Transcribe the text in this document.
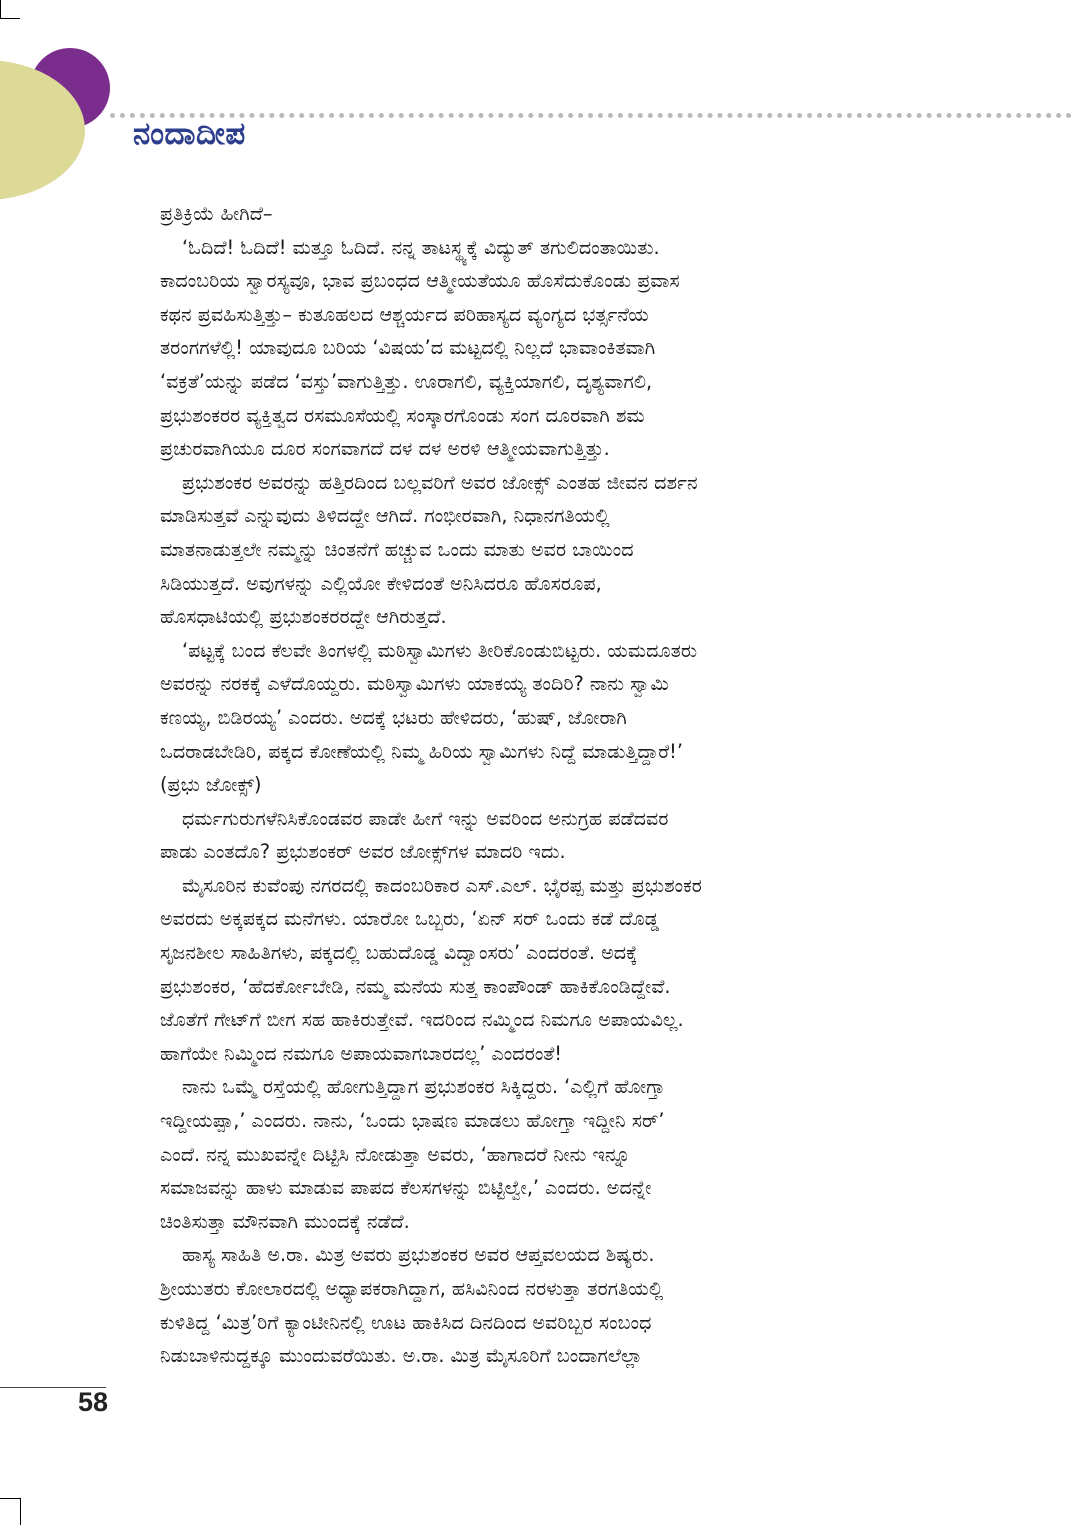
ನಂದಾದೀಪ
ಪ್ರತಿಕ್ರಿಯೆ ಹೀಗಿದೆ–
‘ಓದಿದೆ! ಓದಿದೆ! ಮತ್ತೂ ಓದಿದೆ. ನನ್ನ ತಾಟಸ್ಥ್ಯಕ್ಕೆ ವಿದ್ಯುತ್ ತಗುಲಿದಂತಾಯಿತು.
ಕಾದಂಬರಿಯ ಸ್ವಾರಸ್ಯವೂ, ಭಾವ ಪ್ರಬಂಧದ ಆತ್ಮೀಯತೆಯೂ ಹೊಸೆದುಕೊಂಡು ಪ್ರವಾಸ
ಕಥನ ಪ್ರವಹಿಸುತ್ತಿತ್ತು– ಕುತೂಹಲದ ಆಶ್ಚರ್ಯದ ಪರಿಹಾಸ್ಯದ ವ್ಯಂಗ್ಯದ ಭರ್ತ್ಸನೆಯ
ತರಂಗಗಳೆಲ್ಲಿ! ಯಾವುದೂ ಬರಿಯ ‘ವಿಷಯ’ದ ಮಟ್ಟದಲ್ಲಿ ನಿಲ್ಲದೆ ಭಾವಾಂಕಿತವಾಗಿ
‘ವಕ್ರತೆ’ಯನ್ನು ಪಡೆದ ‘ವಸ್ತು’ವಾಗುತ್ತಿತ್ತು. ಊರಾಗಲಿ, ವ್ಯಕ್ತಿಯಾಗಲಿ, ದೃಶ್ಯವಾಗಲಿ,
ಪ್ರಭುಶಂಕರರ ವ್ಯಕ್ತಿತ್ವದ ರಸಮೂಸೆಯಲ್ಲಿ ಸಂಸ್ಕಾರಗೊಂಡು ಸಂಗ ದೂರವಾಗಿ ಶಮ
ಪ್ರಚುರವಾಗಿಯೂ ದೂರ ಸಂಗವಾಗದೆ ದಳ ದಳ ಅರಳಿ ಆತ್ಮೀಯವಾಗುತ್ತಿತ್ತು.
ಪ್ರಭುಶಂಕರ ಅವರನ್ನು ಹತ್ತಿರದಿಂದ ಬಲ್ಲವರಿಗೆ ಅವರ ಜೋಕ್ಸ್ ಎಂತಹ ಜೀವನ ದರ್ಶನ
ಮಾಡಿಸುತ್ತವೆ ಎನ್ನುವುದು ತಿಳಿದದ್ದೇ ಆಗಿದೆ. ಗಂಭೀರವಾಗಿ, ನಿಧಾನಗತಿಯಲ್ಲಿ
ಮಾತನಾಡುತ್ತಲೇ ನಮ್ಮನ್ನು ಚಿಂತನೆಗೆ ಹಚ್ಚುವ ಒಂದು ಮಾತು ಅವರ ಬಾಯಿಂದ
ಸಿಡಿಯುತ್ತದೆ. ಅವುಗಳನ್ನು ಎಲ್ಲಿಯೋ ಕೇಳಿದಂತೆ ಅನಿಸಿದರೂ ಹೊಸರೂಪ,
ಹೊಸಧಾಟಿಯಲ್ಲಿ ಪ್ರಭುಶಂಕರರದ್ದೇ ಆಗಿರುತ್ತದೆ.
‘ಪಟ್ಟಕ್ಕೆ ಬಂದ ಕೆಲವೇ ತಿಂಗಳಲ್ಲಿ ಮಠಿಸ್ವಾಮಿಗಳು ತೀರಿಕೊಂಡುಬಿಟ್ಟರು. ಯಮದೂತರು
ಅವರನ್ನು ನರಕಕ್ಕೆ ಎಳೆದೊಯ್ದರು. ಮಠಿಸ್ವಾಮಿಗಳು ಯಾಕಯ್ಯ ತಂದಿರಿ? ನಾನು ಸ್ವಾಮಿ
ಕಣಯ್ಯ, ಬಿಡಿರಯ್ಯ’ ಎಂದರು. ಅದಕ್ಕೆ ಭಟರು ಹೇಳಿದರು, ‘ಹುಷ್, ಜೋರಾಗಿ
ಒದರಾಡಬೇಡಿರಿ, ಪಕ್ಕದ ಕೋಣೆಯಲ್ಲಿ ನಿಮ್ಮ ಹಿರಿಯ ಸ್ವಾಮಿಗಳು ನಿದ್ದೆ ಮಾಡುತ್ತಿದ್ದಾರೆ!’
(ಪ್ರಭು ಜೋಕ್ಸ್)
ಧರ್ಮಗುರುಗಳೆನಿಸಿಕೊಂಡವರ ಪಾಡೇ ಹೀಗೆ ಇನ್ನು ಅವರಿಂದ ಅನುಗ್ರಹ ಪಡೆದವರ
ಪಾಡು ಎಂತದೊ? ಪ್ರಭುಶಂಕರ್ ಅವರ ಜೋಕ್ಸ್‌ಗಳ ಮಾದರಿ ಇದು.
ಮೈಸೂರಿನ ಕುವೆಂಪು ನಗರದಲ್ಲಿ ಕಾದಂಬರಿಕಾರ ಎಸ್.ಎಲ್. ಭೈರಪ್ಪ ಮತ್ತು ಪ್ರಭುಶಂಕರ
ಅವರದು ಅಕ್ಕಪಕ್ಕದ ಮನೆಗಳು. ಯಾರೋ ಒಬ್ಬರು, ‘ಏನ್ ಸರ್ ಒಂದು ಕಡೆ ದೊಡ್ಡ
ಸೃಜನಶೀಲ ಸಾಹಿತಿಗಳು, ಪಕ್ಕದಲ್ಲಿ ಬಹುದೊಡ್ಡ ವಿದ್ವಾಂಸರು’ ಎಂದರಂತೆ. ಅದಕ್ಕೆ
ಪ್ರಭುಶಂಕರ, ‘ಹೆದರ್ಕೋಬೇಡಿ, ನಮ್ಮ ಮನೆಯ ಸುತ್ತ ಕಾಂಪೌಂಡ್ ಹಾಕಿಕೊಂಡಿದ್ದೇವೆ.
ಜೊತೆಗೆ ಗೇಟ್‌ಗೆ ಬೀಗ ಸಹ ಹಾಕಿರುತ್ತೇವೆ. ಇದರಿಂದ ನಮ್ಮಿಂದ ನಿಮಗೂ ಅಪಾಯವಿಲ್ಲ.
ಹಾಗೆಯೇ ನಿಮ್ಮಿಂದ ನಮಗೂ ಅಪಾಯವಾಗಬಾರದಲ್ಲ’ ಎಂದರಂತೆ!
ನಾನು ಒಮ್ಮೆ ರಸ್ತೆಯಲ್ಲಿ ಹೋಗುತ್ತಿದ್ದಾಗ ಪ್ರಭುಶಂಕರ ಸಿಕ್ಕಿದ್ದರು. ‘ಎಲ್ಲಿಗೆ ಹೋಗ್ತಾ
ಇದ್ದೀಯಪ್ಪಾ,’ ಎಂದರು. ನಾನು, ‘ಒಂದು ಭಾಷಣ ಮಾಡಲು ಹೋಗ್ತಾ ಇದ್ದೀನಿ ಸರ್’
ಎಂದೆ. ನನ್ನ ಮುಖವನ್ನೇ ದಿಟ್ಟಿಸಿ ನೋಡುತ್ತಾ ಅವರು, ‘ಹಾಗಾದರೆ ನೀನು ಇನ್ನೂ
ಸಮಾಜವನ್ನು ಹಾಳು ಮಾಡುವ ಪಾಪದ ಕೆಲಸಗಳನ್ನು ಬಿಟ್ಟಿಲ್ವೇ,’ ಎಂದರು. ಅದನ್ನೇ
ಚಿಂತಿಸುತ್ತಾ ಮೌನವಾಗಿ ಮುಂದಕ್ಕೆ ನಡೆದೆ.
ಹಾಸ್ಯ ಸಾಹಿತಿ ಅ.ರಾ. ಮಿತ್ರ ಅವರು ಪ್ರಭುಶಂಕರ ಅವರ ಆಪ್ತವಲಯದ ಶಿಷ್ಯರು.
ಶ್ರೀಯುತರು ಕೋಲಾರದಲ್ಲಿ ಅಧ್ಯಾಪಕರಾಗಿದ್ದಾಗ, ಹಸಿವಿನಿಂದ ನರಳುತ್ತಾ ತರಗತಿಯಲ್ಲಿ
ಕುಳಿತಿದ್ದ ‘ಮಿತ್ರ’ರಿಗೆ ಕ್ಯಾಂಟೀನಿನಲ್ಲಿ ಊಟ ಹಾಕಿಸಿದ ದಿನದಿಂದ ಅವರಿಬ್ಬರ ಸಂಬಂಧ
ನಿಡುಬಾಳಿನುದ್ದಕ್ಕೂ ಮುಂದುವರೆಯಿತು. ಅ.ರಾ. ಮಿತ್ರ ಮೈಸೂರಿಗೆ ಬಂದಾಗಲೆಲ್ಲಾ
58
